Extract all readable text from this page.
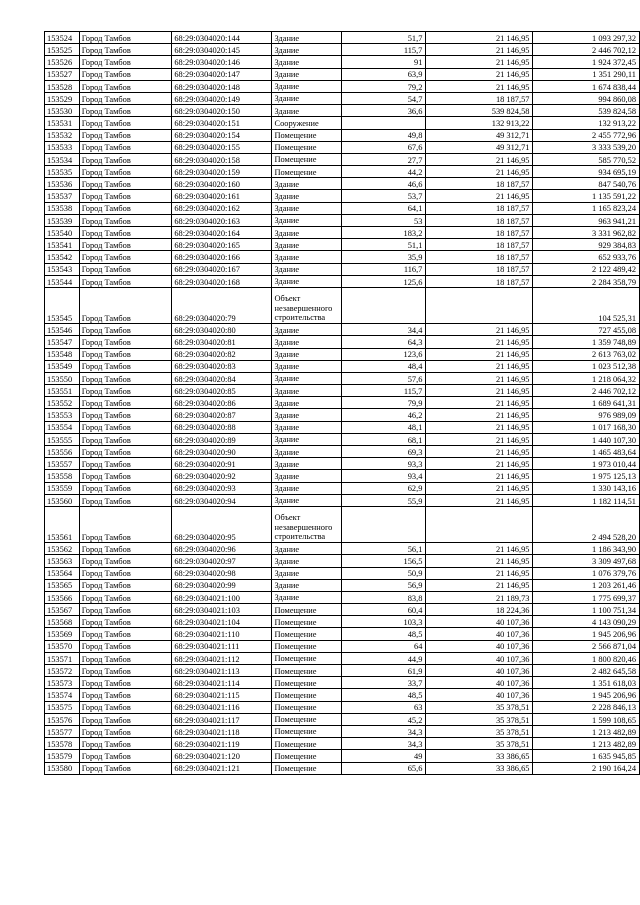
153524	Город Тамбов	68:29:0304020:144	Здание	51,7	21 146,95	1 093 297,32
153525	Город Тамбов	68:29:0304020:145	Здание	115,7	21 146,95	2 446 702,12
153526	Город Тамбов	68:29:0304020:146	Здание	91	21 146,95	1 924 372,45
153527	Город Тамбов	68:29:0304020:147	Здание	63,9	21 146,95	1 351 290,11
153528	Город Тамбов	68:29:0304020:148	Здание	79,2	21 146,95	1 674 838,44
153529	Город Тамбов	68:29:0304020:149	Здание	54,7	18 187,57	994 860,08
153530	Город Тамбов	68:29:0304020:150	Здание	36,6	539 824,58	539 824,58
153531	Город Тамбов	68:29:0304020:151	Сооружение		132 913,22	132 913,22
153532	Город Тамбов	68:29:0304020:154	Помещение	49,8	49 312,71	2 455 772,96
153533	Город Тамбов	68:29:0304020:155	Помещение	67,6	49 312,71	3 333 539,20
153534	Город Тамбов	68:29:0304020:158	Помещение	27,7	21 146,95	585 770,52
153535	Город Тамбов	68:29:0304020:159	Помещение	44,2	21 146,95	934 695,19
153536	Город Тамбов	68:29:0304020:160	Здание	46,6	18 187,57	847 540,76
153537	Город Тамбов	68:29:0304020:161	Здание	53,7	21 146,95	1 135 591,22
153538	Город Тамбов	68:29:0304020:162	Здание	64,1	18 187,57	1 165 823,24
153539	Город Тамбов	68:29:0304020:163	Здание	53	18 187,57	963 941,21
153540	Город Тамбов	68:29:0304020:164	Здание	183,2	18 187,57	3 331 962,82
153541	Город Тамбов	68:29:0304020:165	Здание	51,1	18 187,57	929 384,83
153542	Город Тамбов	68:29:0304020:166	Здание	35,9	18 187,57	652 933,76
153543	Город Тамбов	68:29:0304020:167	Здание	116,7	18 187,57	2 122 489,42
153544	Город Тамбов	68:29:0304020:168	Здание	125,6	18 187,57	2 284 358,79
153545	Город Тамбов	68:29:0304020:79	Объект
незавершенного
строительства			104 525,31
153546	Город Тамбов	68:29:0304020:80	Здание	34,4	21 146,95	727 455,08
153547	Город Тамбов	68:29:0304020:81	Здание	64,3	21 146,95	1 359 748,89
153548	Город Тамбов	68:29:0304020:82	Здание	123,6	21 146,95	2 613 763,02
153549	Город Тамбов	68:29:0304020:83	Здание	48,4	21 146,95	1 023 512,38
153550	Город Тамбов	68:29:0304020:84	Здание	57,6	21 146,95	1 218 064,32
153551	Город Тамбов	68:29:0304020:85	Здание	115,7	21 146,95	2 446 702,12
153552	Город Тамбов	68:29:0304020:86	Здание	79,9	21 146,95	1 689 641,31
153553	Город Тамбов	68:29:0304020:87	Здание	46,2	21 146,95	976 989,09
153554	Город Тамбов	68:29:0304020:88	Здание	48,1	21 146,95	1 017 168,30
153555	Город Тамбов	68:29:0304020:89	Здание	68,1	21 146,95	1 440 107,30
153556	Город Тамбов	68:29:0304020:90	Здание	69,3	21 146,95	1 465 483,64
153557	Город Тамбов	68:29:0304020:91	Здание	93,3	21 146,95	1 973 010,44
153558	Город Тамбов	68:29:0304020:92	Здание	93,4	21 146,95	1 975 125,13
153559	Город Тамбов	68:29:0304020:93	Здание	62,9	21 146,95	1 330 143,16
153560	Город Тамбов	68:29:0304020:94	Здание	55,9	21 146,95	1 182 114,51
153561	Город Тамбов	68:29:0304020:95	Объект
незавершенного
строительства			2 494 528,20
153562	Город Тамбов	68:29:0304020:96	Здание	56,1	21 146,95	1 186 343,90
153563	Город Тамбов	68:29:0304020:97	Здание	156,5	21 146,95	3 309 497,68
153564	Город Тамбов	68:29:0304020:98	Здание	50,9	21 146,95	1 076 379,76
153565	Город Тамбов	68:29:0304020:99	Здание	56,9	21 146,95	1 203 261,46
153566	Город Тамбов	68:29:0304021:100	Здание	83,8	21 189,73	1 775 699,37
153567	Город Тамбов	68:29:0304021:103	Помещение	60,4	18 224,36	1 100 751,34
153568	Город Тамбов	68:29:0304021:104	Помещение	103,3	40 107,36	4 143 090,29
153569	Город Тамбов	68:29:0304021:110	Помещение	48,5	40 107,36	1 945 206,96
153570	Город Тамбов	68:29:0304021:111	Помещение	64	40 107,36	2 566 871,04
153571	Город Тамбов	68:29:0304021:112	Помещение	44,9	40 107,36	1 800 820,46
153572	Город Тамбов	68:29:0304021:113	Помещение	61,9	40 107,36	2 482 645,58
153573	Город Тамбов	68:29:0304021:114	Помещение	33,7	40 107,36	1 351 618,03
153574	Город Тамбов	68:29:0304021:115	Помещение	48,5	40 107,36	1 945 206,96
153575	Город Тамбов	68:29:0304021:116	Помещение	63	35 378,51	2 228 846,13
153576	Город Тамбов	68:29:0304021:117	Помещение	45,2	35 378,51	1 599 108,65
153577	Город Тамбов	68:29:0304021:118	Помещение	34,3	35 378,51	1 213 482,89
153578	Город Тамбов	68:29:0304021:119	Помещение	34,3	35 378,51	1 213 482,89
153579	Город Тамбов	68:29:0304021:120	Помещение	49	33 386,65	1 635 945,85
153580	Город Тамбов	68:29:0304021:121	Помещение	65,6	33 386,65	2 190 164,24
